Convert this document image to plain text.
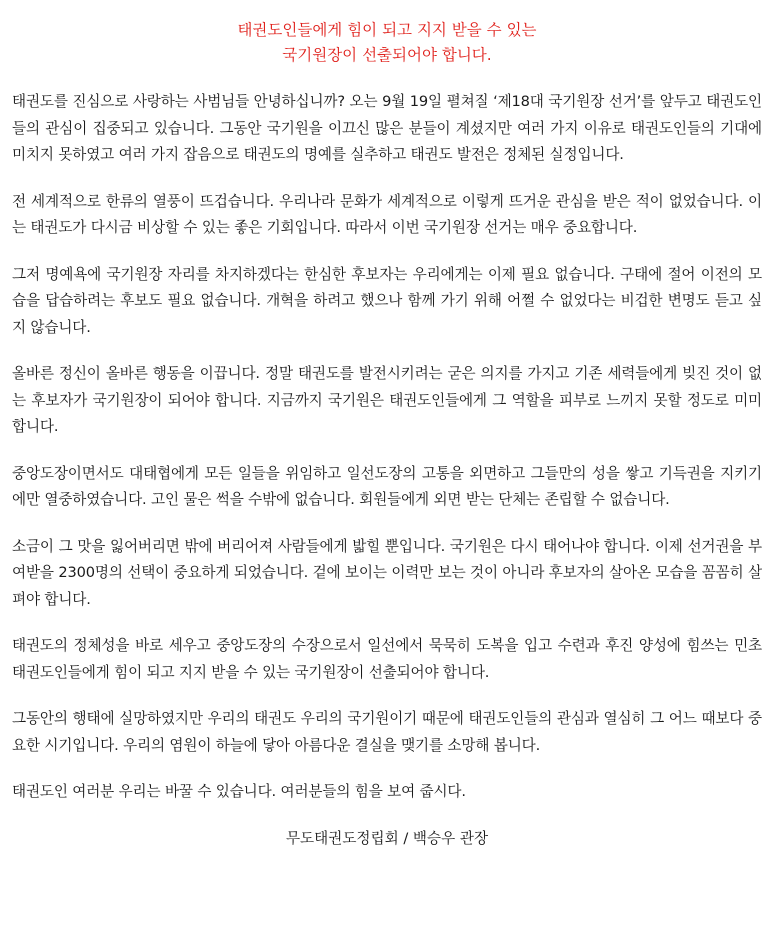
태권도인들에게 힘이 되고 지지 받을 수 있는
국기원장이 선출되어야 합니다.

태권도를 진심으로 사랑하는 사범님들 안녕하십니까? 오는 9월 19일 펼쳐질 ‘제18대 국기원장 선거’를 앞두고 태권도인들의 관심이 집중되고 있습니다. 그동안 국기원을 이끄신 많은 분들이 계셨지만 여러 가지 이유로 태권도인들의 기대에 미치지 못하였고 여러 가지 잡음으로 태권도의 명예를 실추하고 태권도 발전은 정체된 실정입니다.

전 세계적으로 한류의 열풍이 뜨겁습니다. 우리나라 문화가 세계적으로 이렇게 뜨거운 관심을 받은 적이 없었습니다. 이는 태권도가 다시금 비상할 수 있는 좋은 기회입니다. 따라서 이번 국기원장 선거는 매우 중요합니다.

그저 명예욕에 국기원장 자리를 차지하겠다는 한심한 후보자는 우리에게는 이제 필요 없습니다. 구태에 절어 이전의 모습을 답습하려는 후보도 필요 없습니다. 개혁을 하려고 했으나 함께 가기 위해 어쩔 수 없었다는 비겁한 변명도 듣고 싶지 않습니다.

올바른 정신이 올바른 행동을 이끕니다. 정말 태권도를 발전시키려는 굳은 의지를 가지고 기존 세력들에게 빚진 것이 없는 후보자가 국기원장이 되어야 합니다. 지금까지 국기원은 태권도인들에게 그 역할을 피부로 느끼지 못할 정도로 미미합니다.

중앙도장이면서도 대태협에게 모든 일들을 위임하고 일선도장의 고통을 외면하고 그들만의 성을 쌓고 기득권을 지키기에만 열중하였습니다. 고인 물은 썩을 수밖에 없습니다. 회원들에게 외면 받는 단체는 존립할 수 없습니다.

소금이 그 맛을 잃어버리면 밖에 버리어져 사람들에게 밟힐 뿐입니다. 국기원은 다시 태어나야 합니다. 이제 선거권을 부여받을 2300명의 선택이 중요하게 되었습니다. 겉에 보이는 이력만 보는 것이 아니라 후보자의 살아온 모습을 꼼꼼히 살펴야 합니다.

태권도의 정체성을 바로 세우고 중앙도장의 수장으로서 일선에서 묵묵히 도복을 입고 수련과 후진 양성에 힘쓰는 민초 태권도인들에게 힘이 되고 지지 받을 수 있는 국기원장이 선출되어야 합니다.

그동안의 행태에 실망하였지만 우리의 태권도 우리의 국기원이기 때문에 태권도인들의 관심과 열심히 그 어느 때보다 중요한 시기입니다. 우리의 염원이 하늘에 닿아 아름다운 결실을 맺기를 소망해 봅니다.

태권도인 여러분 우리는 바꿀 수 있습니다. 여러분들의 힘을 보여 줍시다.

무도태권도정립회 / 백승우 관장
